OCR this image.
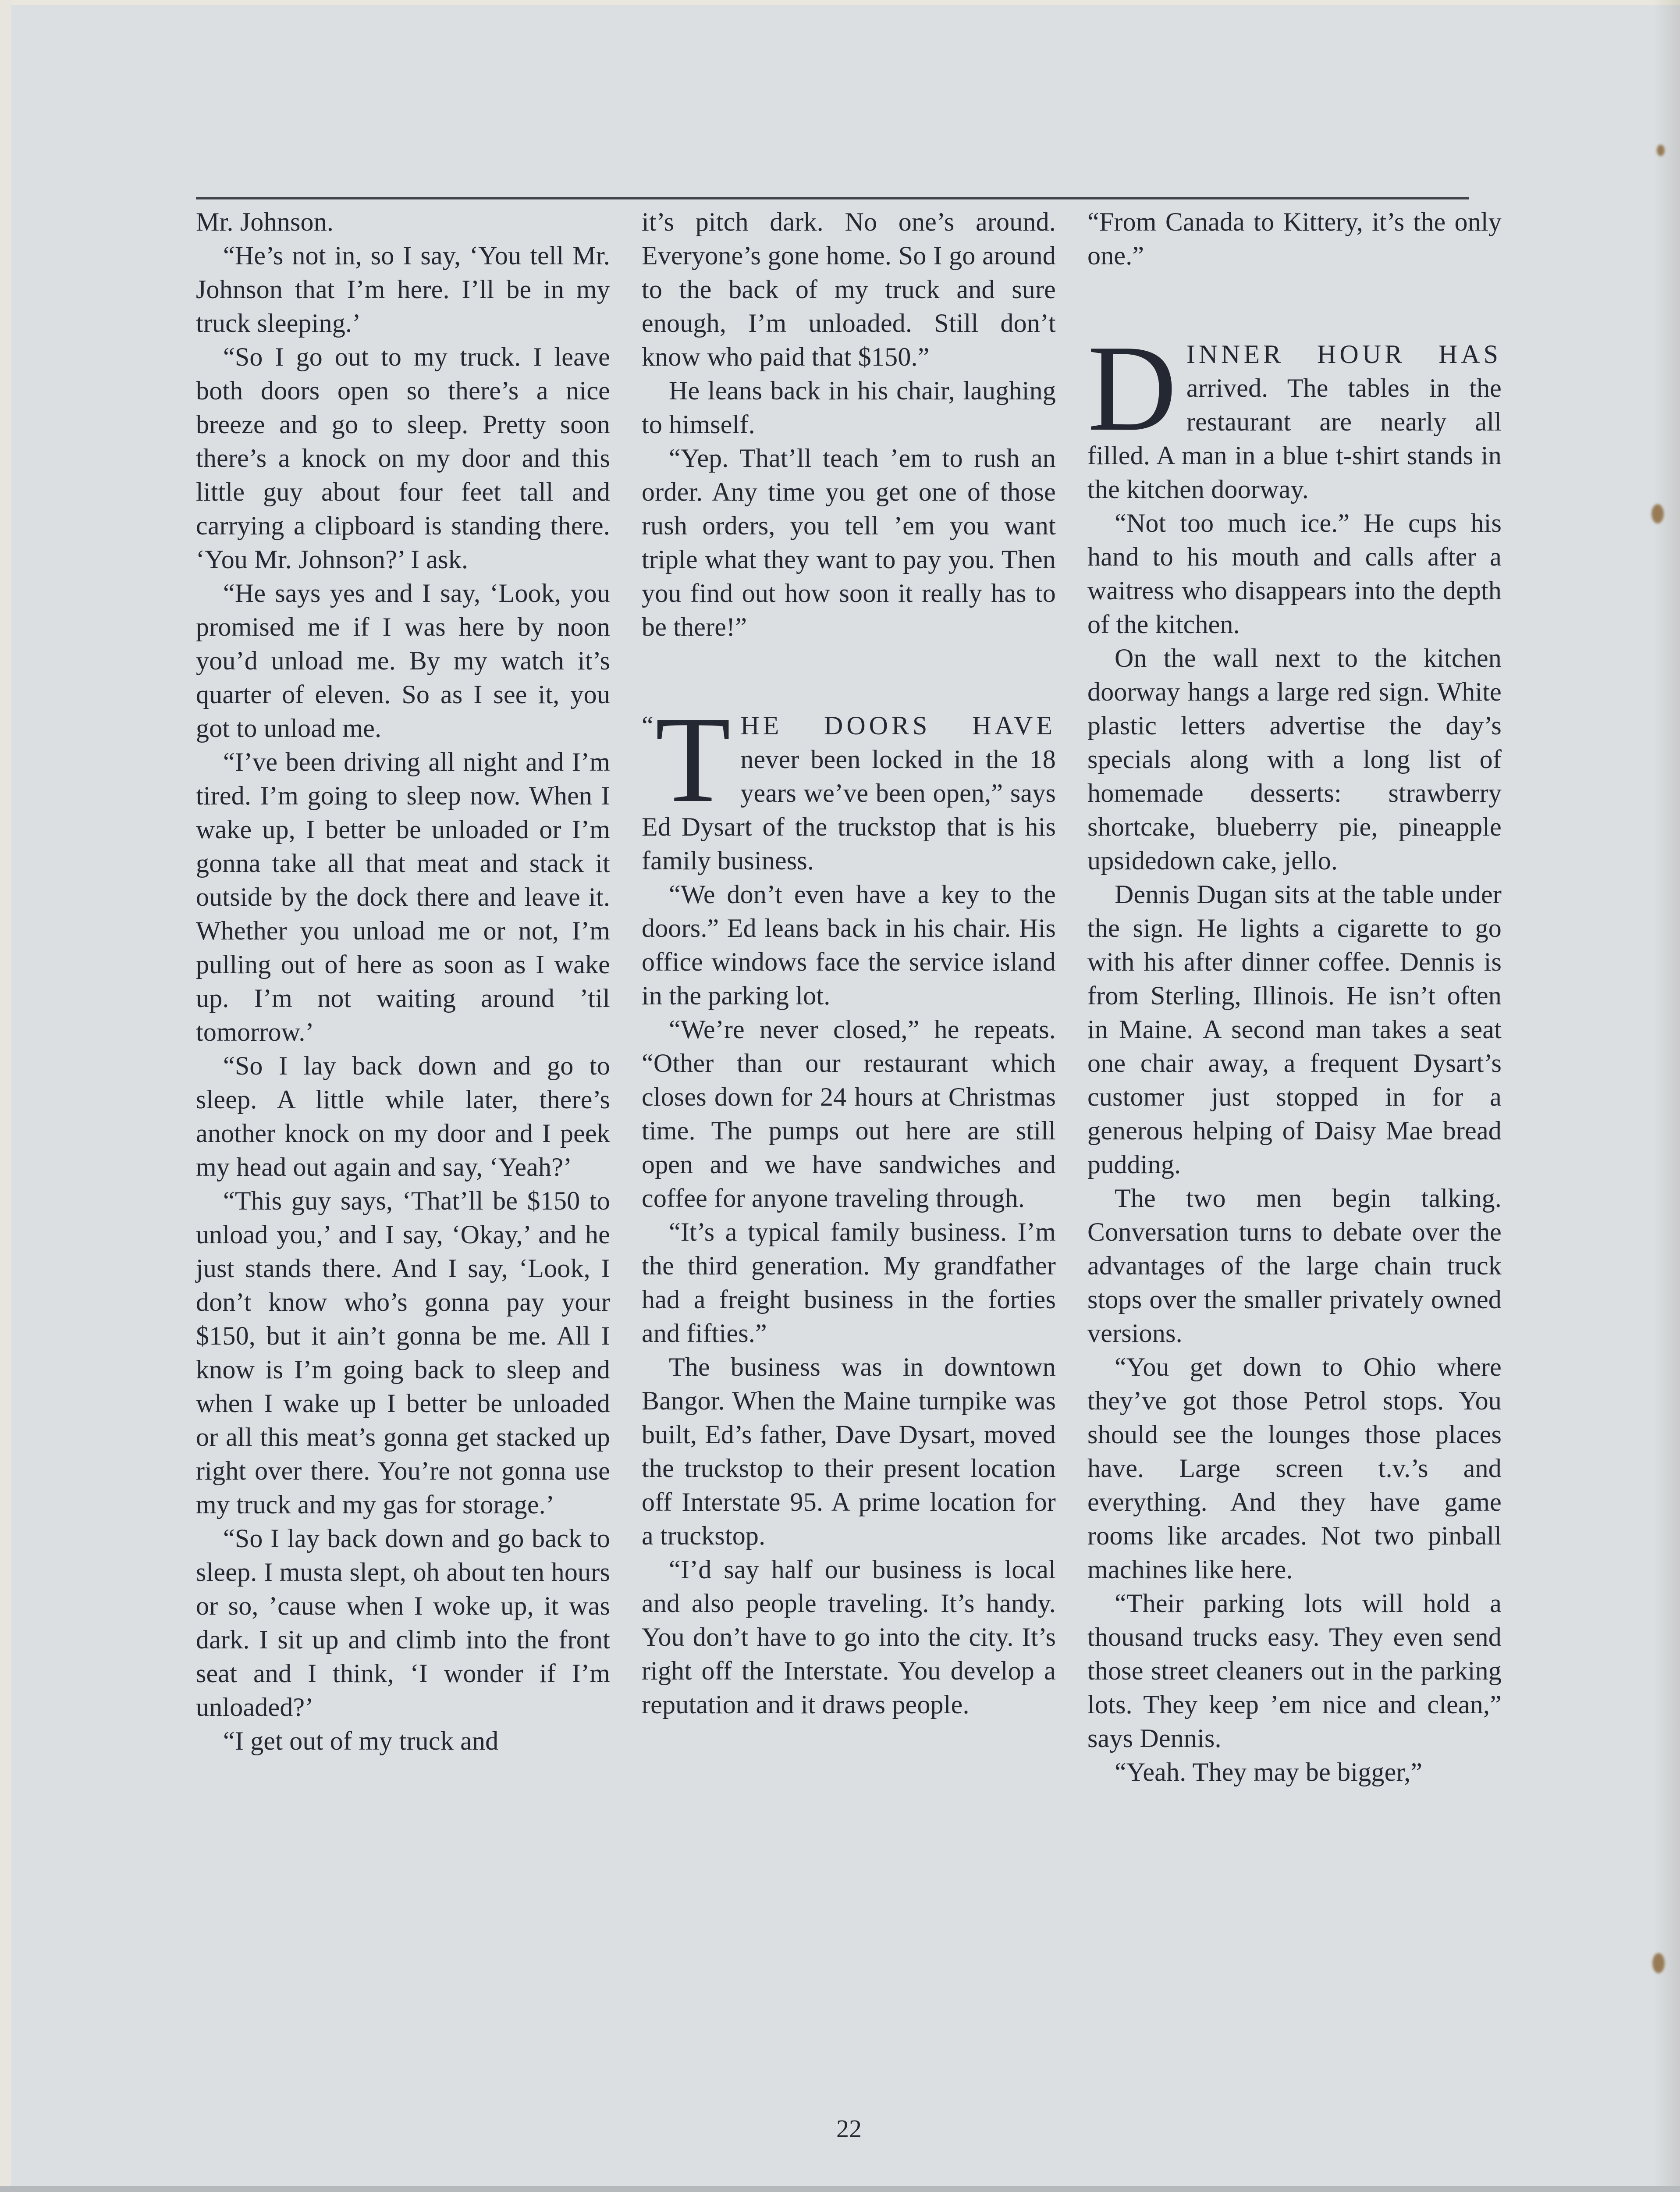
Mr. Johnson.

“He’s not in, so I say, ‘You tell Mr. Johnson that I’m here. I’ll be in my truck sleeping.’

“So I go out to my truck. I leave both doors open so there’s a nice breeze and go to sleep. Pretty soon there’s a knock on my door and this little guy about four feet tall and carrying a clipboard is standing there. ‘You Mr. Johnson?’ I ask.

“He says yes and I say, ‘Look, you promised me if I was here by noon you’d unload me. By my watch it’s quarter of eleven. So as I see it, you got to unload me.

“I’ve been driving all night and I’m tired. I’m going to sleep now. When I wake up, I better be unloaded or I’m gonna take all that meat and stack it outside by the dock there and leave it. Whether you unload me or not, I’m pulling out of here as soon as I wake up. I’m not waiting around ’til tomorrow.’

“So I lay back down and go to sleep. A little while later, there’s another knock on my door and I peek my head out again and say, ‘Yeah?’

“This guy says, ‘That’ll be $150 to unload you,’ and I say, ‘Okay,’ and he just stands there. And I say, ‘Look, I don’t know who’s gonna pay your $150, but it ain’t gonna be me. All I know is I’m going back to sleep and when I wake up I better be unloaded or all this meat’s gonna get stacked up right over there. You’re not gonna use my truck and my gas for storage.’

“So I lay back down and go back to sleep. I musta slept, oh about ten hours or so, ’cause when I woke up, it was dark. I sit up and climb into the front seat and I think, ‘I wonder if I’m unloaded?’

“I get out of my truck and

it’s pitch dark. No one’s around. Everyone’s gone home. So I go around to the back of my truck and sure enough, I’m unloaded. Still don’t know who paid that $150.”

He leans back in his chair, laughing to himself.

“Yep. That’ll teach ’em to rush an order. Any time you get one of those rush orders, you tell ’em you want triple what they want to pay you. Then you find out how soon it really has to be there!”

“ T HE DOORS HAVE never been locked in the 18 years we’ve been open,” says Ed Dysart of the truckstop that is his family business.

“We don’t even have a key to the doors.” Ed leans back in his chair. His office windows face the service island in the parking lot.

“We’re never closed,” he repeats. “Other than our restaurant which closes down for 24 hours at Christmas time. The pumps out here are still open and we have sandwiches and coffee for anyone traveling through.

“It’s a typical family business. I’m the third generation. My grandfather had a freight business in the forties and fifties.”

The business was in downtown Bangor. When the Maine turnpike was built, Ed’s father, Dave Dysart, moved the truckstop to their present location off Interstate 95. A prime location for a truckstop.

“I’d say half our business is local and also people traveling. It’s handy. You don’t have to go into the city. It’s right off the Interstate. You develop a reputation and it draws people.

“From Canada to Kittery, it’s the only one.”

DINNER HOUR HAS arrived. The tables in the restaurant are nearly all filled. A man in a blue t-shirt stands in the kitchen doorway.

“Not too much ice.” He cups his hand to his mouth and calls after a waitress who disappears into the depth of the kitchen.

On the wall next to the kitchen doorway hangs a large red sign. White plastic letters advertise the day’s specials along with a long list of homemade desserts: strawberry shortcake, blueberry pie, pineapple upsidedown cake, jello.

Dennis Dugan sits at the table under the sign. He lights a cigarette to go with his after dinner coffee. Dennis is from Sterling, Illinois. He isn’t often in Maine. A second man takes a seat one chair away, a frequent Dysart’s customer just stopped in for a generous helping of Daisy Mae bread pudding.

The two men begin talking. Conversation turns to debate over the advantages of the large chain truck stops over the smaller privately owned versions.

“You get down to Ohio where they’ve got those Petrol stops. You should see the lounges those places have. Large screen t.v.’s and everything. And they have game rooms like arcades. Not two pinball machines like here.

“Their parking lots will hold a thousand trucks easy. They even send those street cleaners out in the parking lots. They keep ’em nice and clean,” says Dennis.

“Yeah. They may be bigger,”

22
